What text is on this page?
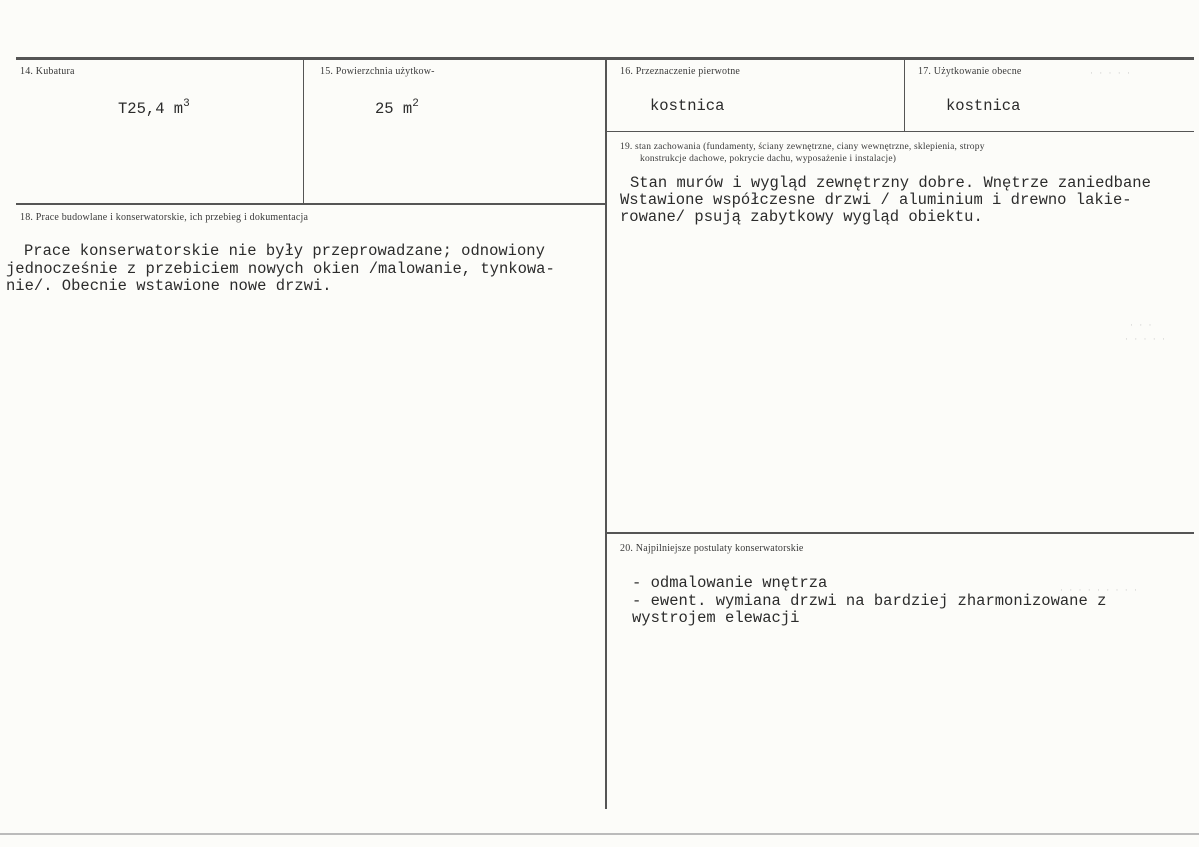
14. Kubatura
T25,4 $m^3$
15. Powierzchnia użytkow-
25 $m^2$
16. Przeznaczenie pierwotne
kostnica
17. Użytkowanie obecne
kostnica
18. Prace budowlane i konserwatorskie, ich przebieg i dokumentacja
Prace konserwatorskie nie były przeprowadzane; odnowiony
jednocześnie z przebiciem nowych okien /malowanie, tynkowa-
nie/. Obecnie wstawione nowe drzwi.
19. stan zachowania (fundamenty, ściany zewnętrzne, ciany wewnętrzne, sklepienia, stropy
konstrukcje dachowe, pokrycie dachu, wyposażenie i instalacje)
Stan murów i wygląd zewnętrzny dobre. Wnętrze zaniedbane
Wstawione współczesne drzwi / aluminium i drewno lakie-
rowane/ psują zabytkowy wygląd obiektu.
20. Najpilniejsze postulaty konserwatorskie
- odmalowanie wnętrza
- ewent. wymiana drzwi na bardziej zharmonizowane z
wystrojem elewacji
· · · · ·
· · ·
· · · · ·
· · · · · · · · ·
